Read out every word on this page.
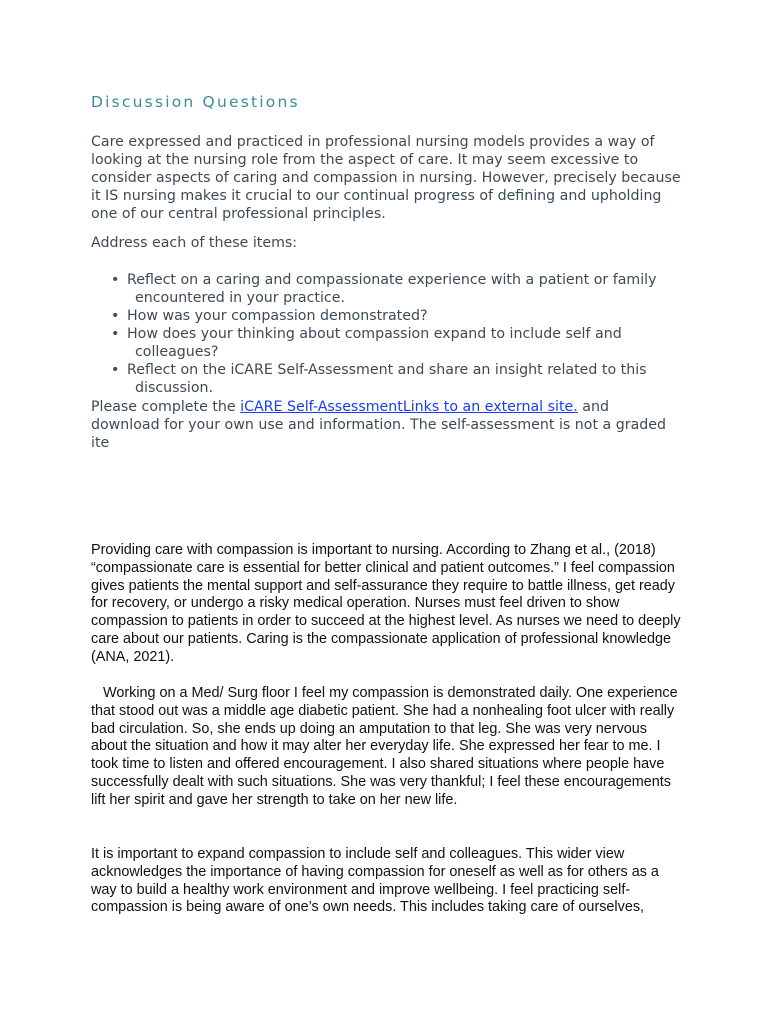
Discussion Questions

Care expressed and practiced in professional nursing models provides a way of looking at the nursing role from the aspect of care. It may seem excessive to consider aspects of caring and compassion in nursing. However, precisely because it IS nursing makes it crucial to our continual progress of defining and upholding one of our central professional principles.

Address each of these items:

• Reflect on a caring and compassionate experience with a patient or family encountered in your practice.
• How was your compassion demonstrated?
• How does your thinking about compassion expand to include self and colleagues?
• Reflect on the iCARE Self-Assessment and share an insight related to this discussion.

Please complete the iCARE Self-AssessmentLinks to an external site. and download for your own use and information. The self-assessment is not a graded ite

Providing care with compassion is important to nursing. According to Zhang et al., (2018) “compassionate care is essential for better clinical and patient outcomes.” I feel compassion gives patients the mental support and self-assurance they require to battle illness, get ready for recovery, or undergo a risky medical operation. Nurses must feel driven to show compassion to patients in order to succeed at the highest level. As nurses we need to deeply care about our patients. Caring is the compassionate application of professional knowledge (ANA, 2021).

Working on a Med/ Surg floor I feel my compassion is demonstrated daily. One experience that stood out was a middle age diabetic patient. She had a nonhealing foot ulcer with really bad circulation. So, she ends up doing an amputation to that leg. She was very nervous about the situation and how it may alter her everyday life. She expressed her fear to me. I took time to listen and offered encouragement. I also shared situations where people have successfully dealt with such situations. She was very thankful; I feel these encouragements lift her spirit and gave her strength to take on her new life.

It is important to expand compassion to include self and colleagues. This wider view acknowledges the importance of having compassion for oneself as well as for others as a way to build a healthy work environment and improve wellbeing. I feel practicing self-compassion is being aware of one’s own needs. This includes taking care of ourselves,
